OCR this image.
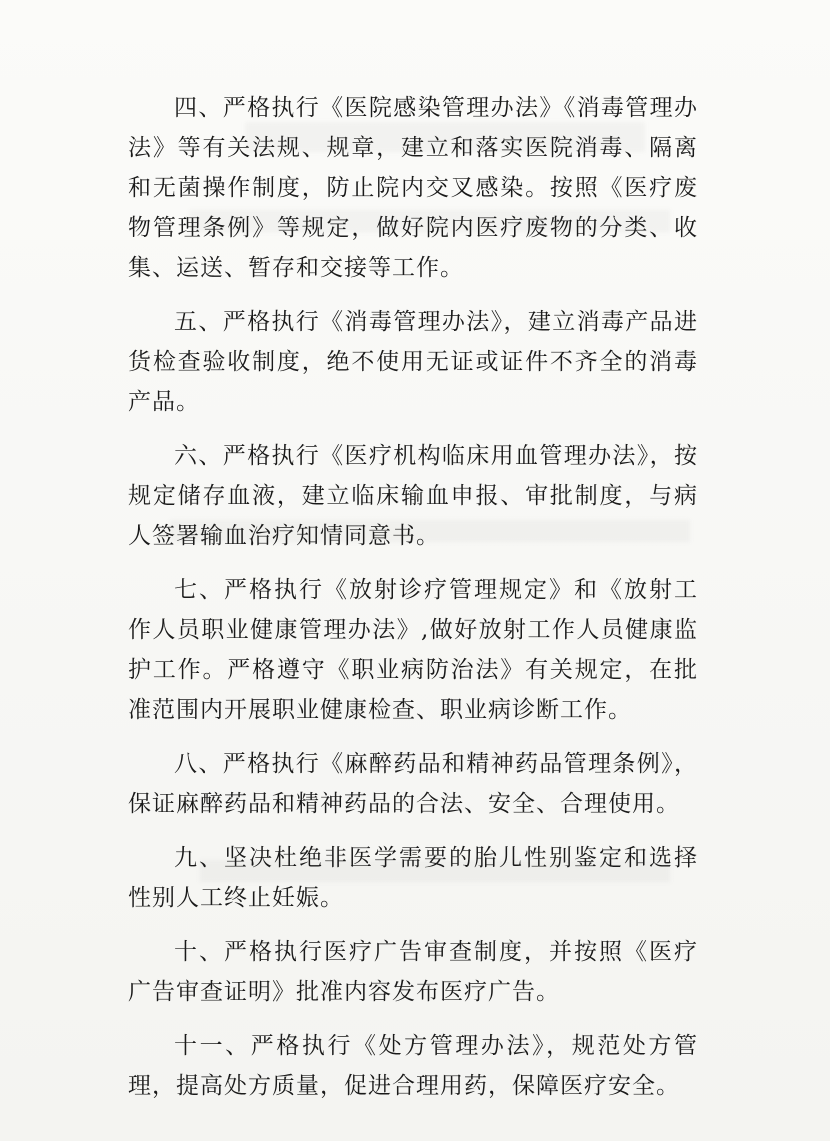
四、严格执行《医院感染管理办法》《消毒管理办法》等有关法规、规章，建立和落实医院消毒、隔离和无菌操作制度，防止院内交叉感染。按照《医疗废物管理条例》等规定，做好院内医疗废物的分类、收集、运送、暂存和交接等工作。

五、严格执行《消毒管理办法》，建立消毒产品进货检查验收制度，绝不使用无证或证件不齐全的消毒产品。

六、严格执行《医疗机构临床用血管理办法》，按规定储存血液，建立临床输血申报、审批制度，与病人签署输血治疗知情同意书。

七、严格执行《放射诊疗管理规定》和《放射工作人员职业健康管理办法》,做好放射工作人员健康监护工作。严格遵守《职业病防治法》有关规定，在批准范围内开展职业健康检查、职业病诊断工作。

八、严格执行《麻醉药品和精神药品管理条例》，保证麻醉药品和精神药品的合法、安全、合理使用。

九、坚决杜绝非医学需要的胎儿性别鉴定和选择性别人工终止妊娠。

十、严格执行医疗广告审查制度，并按照《医疗广告审查证明》批准内容发布医疗广告。

十一、严格执行《处方管理办法》，规范处方管理，提高处方质量，促进合理用药，保障医疗安全。
